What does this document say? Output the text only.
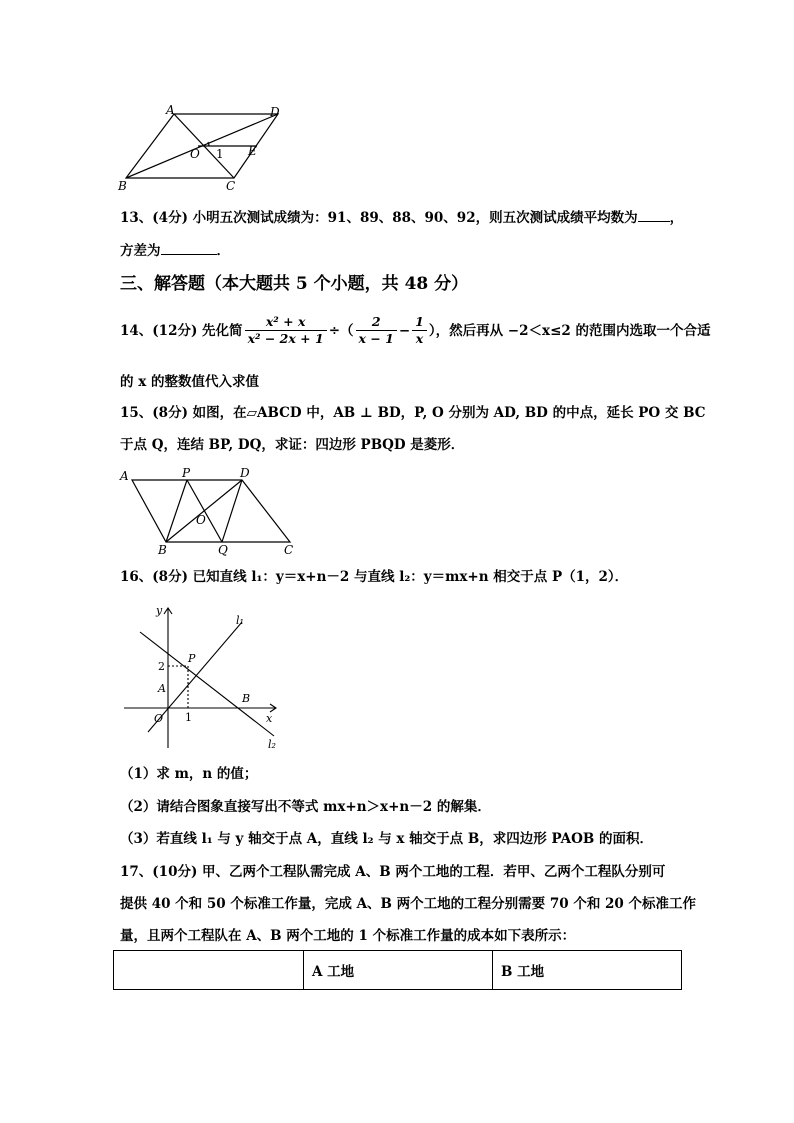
A	D
O	E
1
B	C
13、(4分) 小明五次测试成绩为：91、89、88、90、92，则五次测试成绩平均数为 ，
方差为	．
三、解答题（本大题共 5 个小题，共 48 分）
14、(12分) 先化简 $\frac{\text{x² + x}}{\text{x² − 2x + 1}}$ ÷（ $\frac{2}{x - 1} - \frac{1}{x}$ ），然后再从 −2＜x≤2 的范围内选取一个合适
的 x 的整数值代入求值
15、(8分) 如图，在▱ABCD 中，AB ⊥ BD，P, O 分别为 AD, BD 的中点，延长 PO 交 BC
于点 Q，连结 BP, DQ，求证：四边形 PBQD 是菱形．
A	P	D
O
B	Q	C
16、(8分) 已知直线 l₁：y＝x+n－2 与直线 l₂：y＝mx+n 相交于点 P（1，2）．
y
x
l₁
l₂
P
A
B
O
2
1
（1）求 m，n 的值；
（2）请结合图象直接写出不等式 mx+n＞x+n－2 的解集．
（3）若直线 l₁ 与 y 轴交于点 A，直线 l₂ 与 x 轴交于点 B，求四边形 PAOB 的面积．
17、(10分) 甲、乙两个工程队需完成 A、B 两个工地的工程．若甲、乙两个工程队分别可
提供 40 个和 50 个标准工作量，完成 A、B 两个工地的工程分别需要 70 个和 20 个标准工作
量，且两个工程队在 A、B 两个工地的 1 个标准工作量的成本如下表所示：
	A 工地	B 工地
